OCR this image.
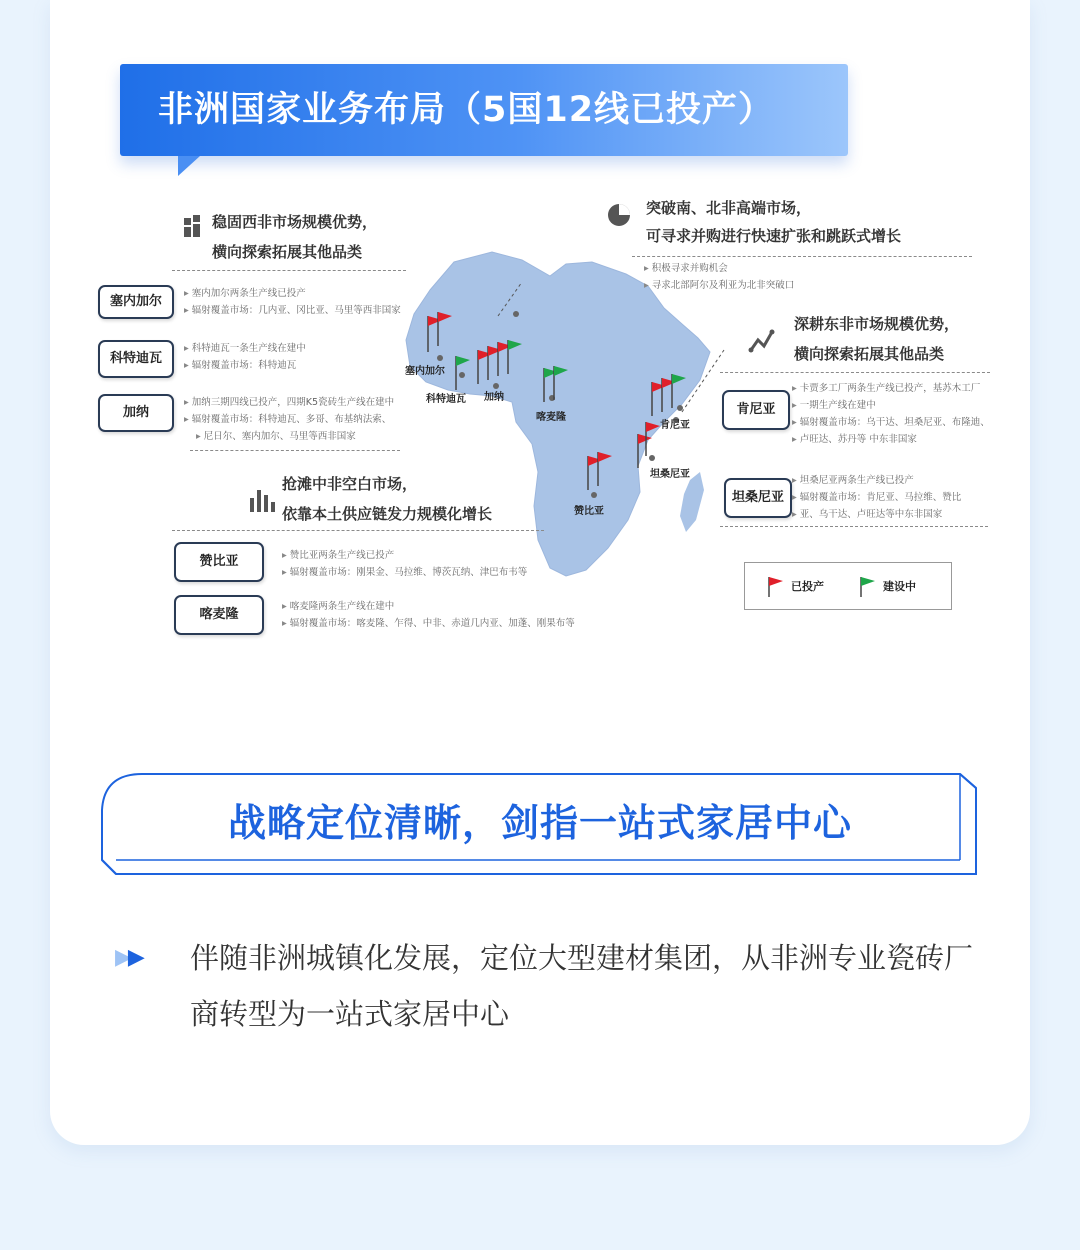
非洲国家业务布局（5国12线已投产）
塞内加尔
科特迪瓦 加纳
喀麦隆
肯尼亚
坦桑尼亚
赞比亚
稳固西非市场规模优势，
横向探索拓展其他品类
塞内加尔
▸ 塞内加尔两条生产线已投产
▸ 辐射覆盖市场：几内亚、冈比亚、马里等西非国家
科特迪瓦
▸ 科特迪瓦一条生产线在建中
▸ 辐射覆盖市场：科特迪瓦
加纳
▸ 加纳三期四线已投产，四期K5瓷砖生产线在建中
▸ 辐射覆盖市场：科特迪瓦、多哥、布基纳法索、
▸ 尼日尔、塞内加尔、马里等西非国家
突破南、北非高端市场，
可寻求并购进行快速扩张和跳跃式增长
▸ 积极寻求并购机会
▸ 寻求北部阿尔及利亚为北非突破口
深耕东非市场规模优势，
横向探索拓展其他品类
肯尼亚
▸ 卡贾多工厂两条生产线已投产，基苏木工厂
▸ 一期生产线在建中
▸ 辐射覆盖市场：乌干达、坦桑尼亚、布隆迪、
▸ 卢旺达、苏丹等 中东非国家
坦桑尼亚
▸ 坦桑尼亚两条生产线已投产
▸ 辐射覆盖市场：肯尼亚、马拉维、赞比
▸ 亚、乌干达、卢旺达等中东非国家
抢滩中非空白市场，
依靠本土供应链发力规模化增长
赞比亚
▸	赞比亚两条生产线已投产
▸ 辐射覆盖市场：刚果金、马拉维、博茨瓦纳、津巴布韦等
喀麦隆
▸ 喀麦隆两条生产线在建中
▸ 辐射覆盖市场：喀麦隆、乍得、中非、赤道几内亚、加蓬、刚果布等
已投产	建设中
战略定位清晰，剑指一站式家居中心
▶▶ 伴随非洲城镇化发展，定位大型建材集团，从非洲专业瓷砖厂商转型为一站式家居中心
